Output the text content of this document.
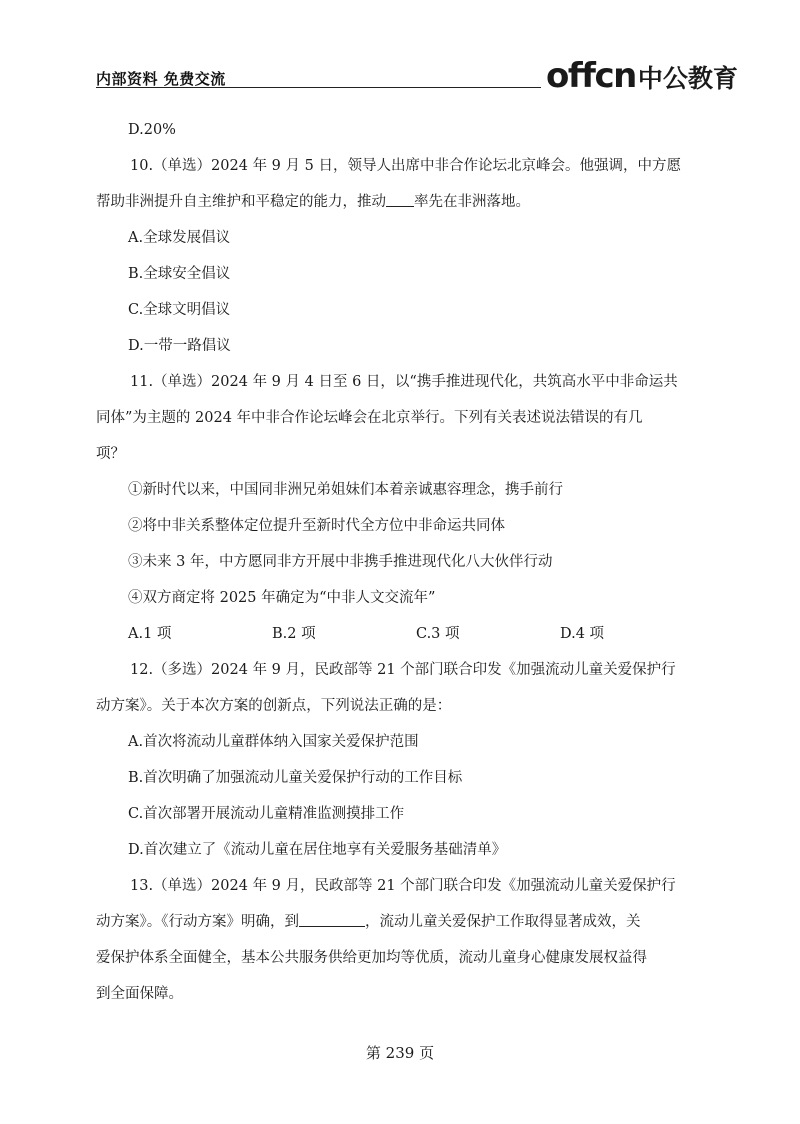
内部资料 免费交流	offcn 中公教育
D.20%
10.（单选）2024 年 9 月 5 日，领导人出席中非合作论坛北京峰会。他强调，中方愿
帮助非洲提升自主维护和平稳定的能力，推动 率先在非洲落地。
A.全球发展倡议
B.全球安全倡议
C.全球文明倡议
D.一带一路倡议
11.（单选）2024 年 9 月 4 日至 6 日，以“携手推进现代化，共筑高水平中非命运共
同体”为主题的 2024 年中非合作论坛峰会在北京举行。下列有关表述说法错误的有几
项？
①新时代以来，中国同非洲兄弟姐妹们本着亲诚惠容理念，携手前行
②将中非关系整体定位提升至新时代全方位中非命运共同体
③未来 3 年，中方愿同非方开展中非携手推进现代化八大伙伴行动
④双方商定将 2025 年确定为“中非人文交流年”
A.1 项	B.2 项	C.3 项	D.4 项
12.（多选）2024 年 9 月，民政部等 21 个部门联合印发《加强流动儿童关爱保护行
动方案》。关于本次方案的创新点，下列说法正确的是：
A.首次将流动儿童群体纳入国家关爱保护范围
B.首次明确了加强流动儿童关爱保护行动的工作目标
C.首次部署开展流动儿童精准监测摸排工作
D.首次建立了《流动儿童在居住地享有关爱服务基础清单》
13.（单选）2024 年 9 月，民政部等 21 个部门联合印发《加强流动儿童关爱保护行
动方案》。《行动方案》明确，到	，流动儿童关爱保护工作取得显著成效，关
爱保护体系全面健全，基本公共服务供给更加均等优质，流动儿童身心健康发展权益得
到全面保障。
第 239 页
